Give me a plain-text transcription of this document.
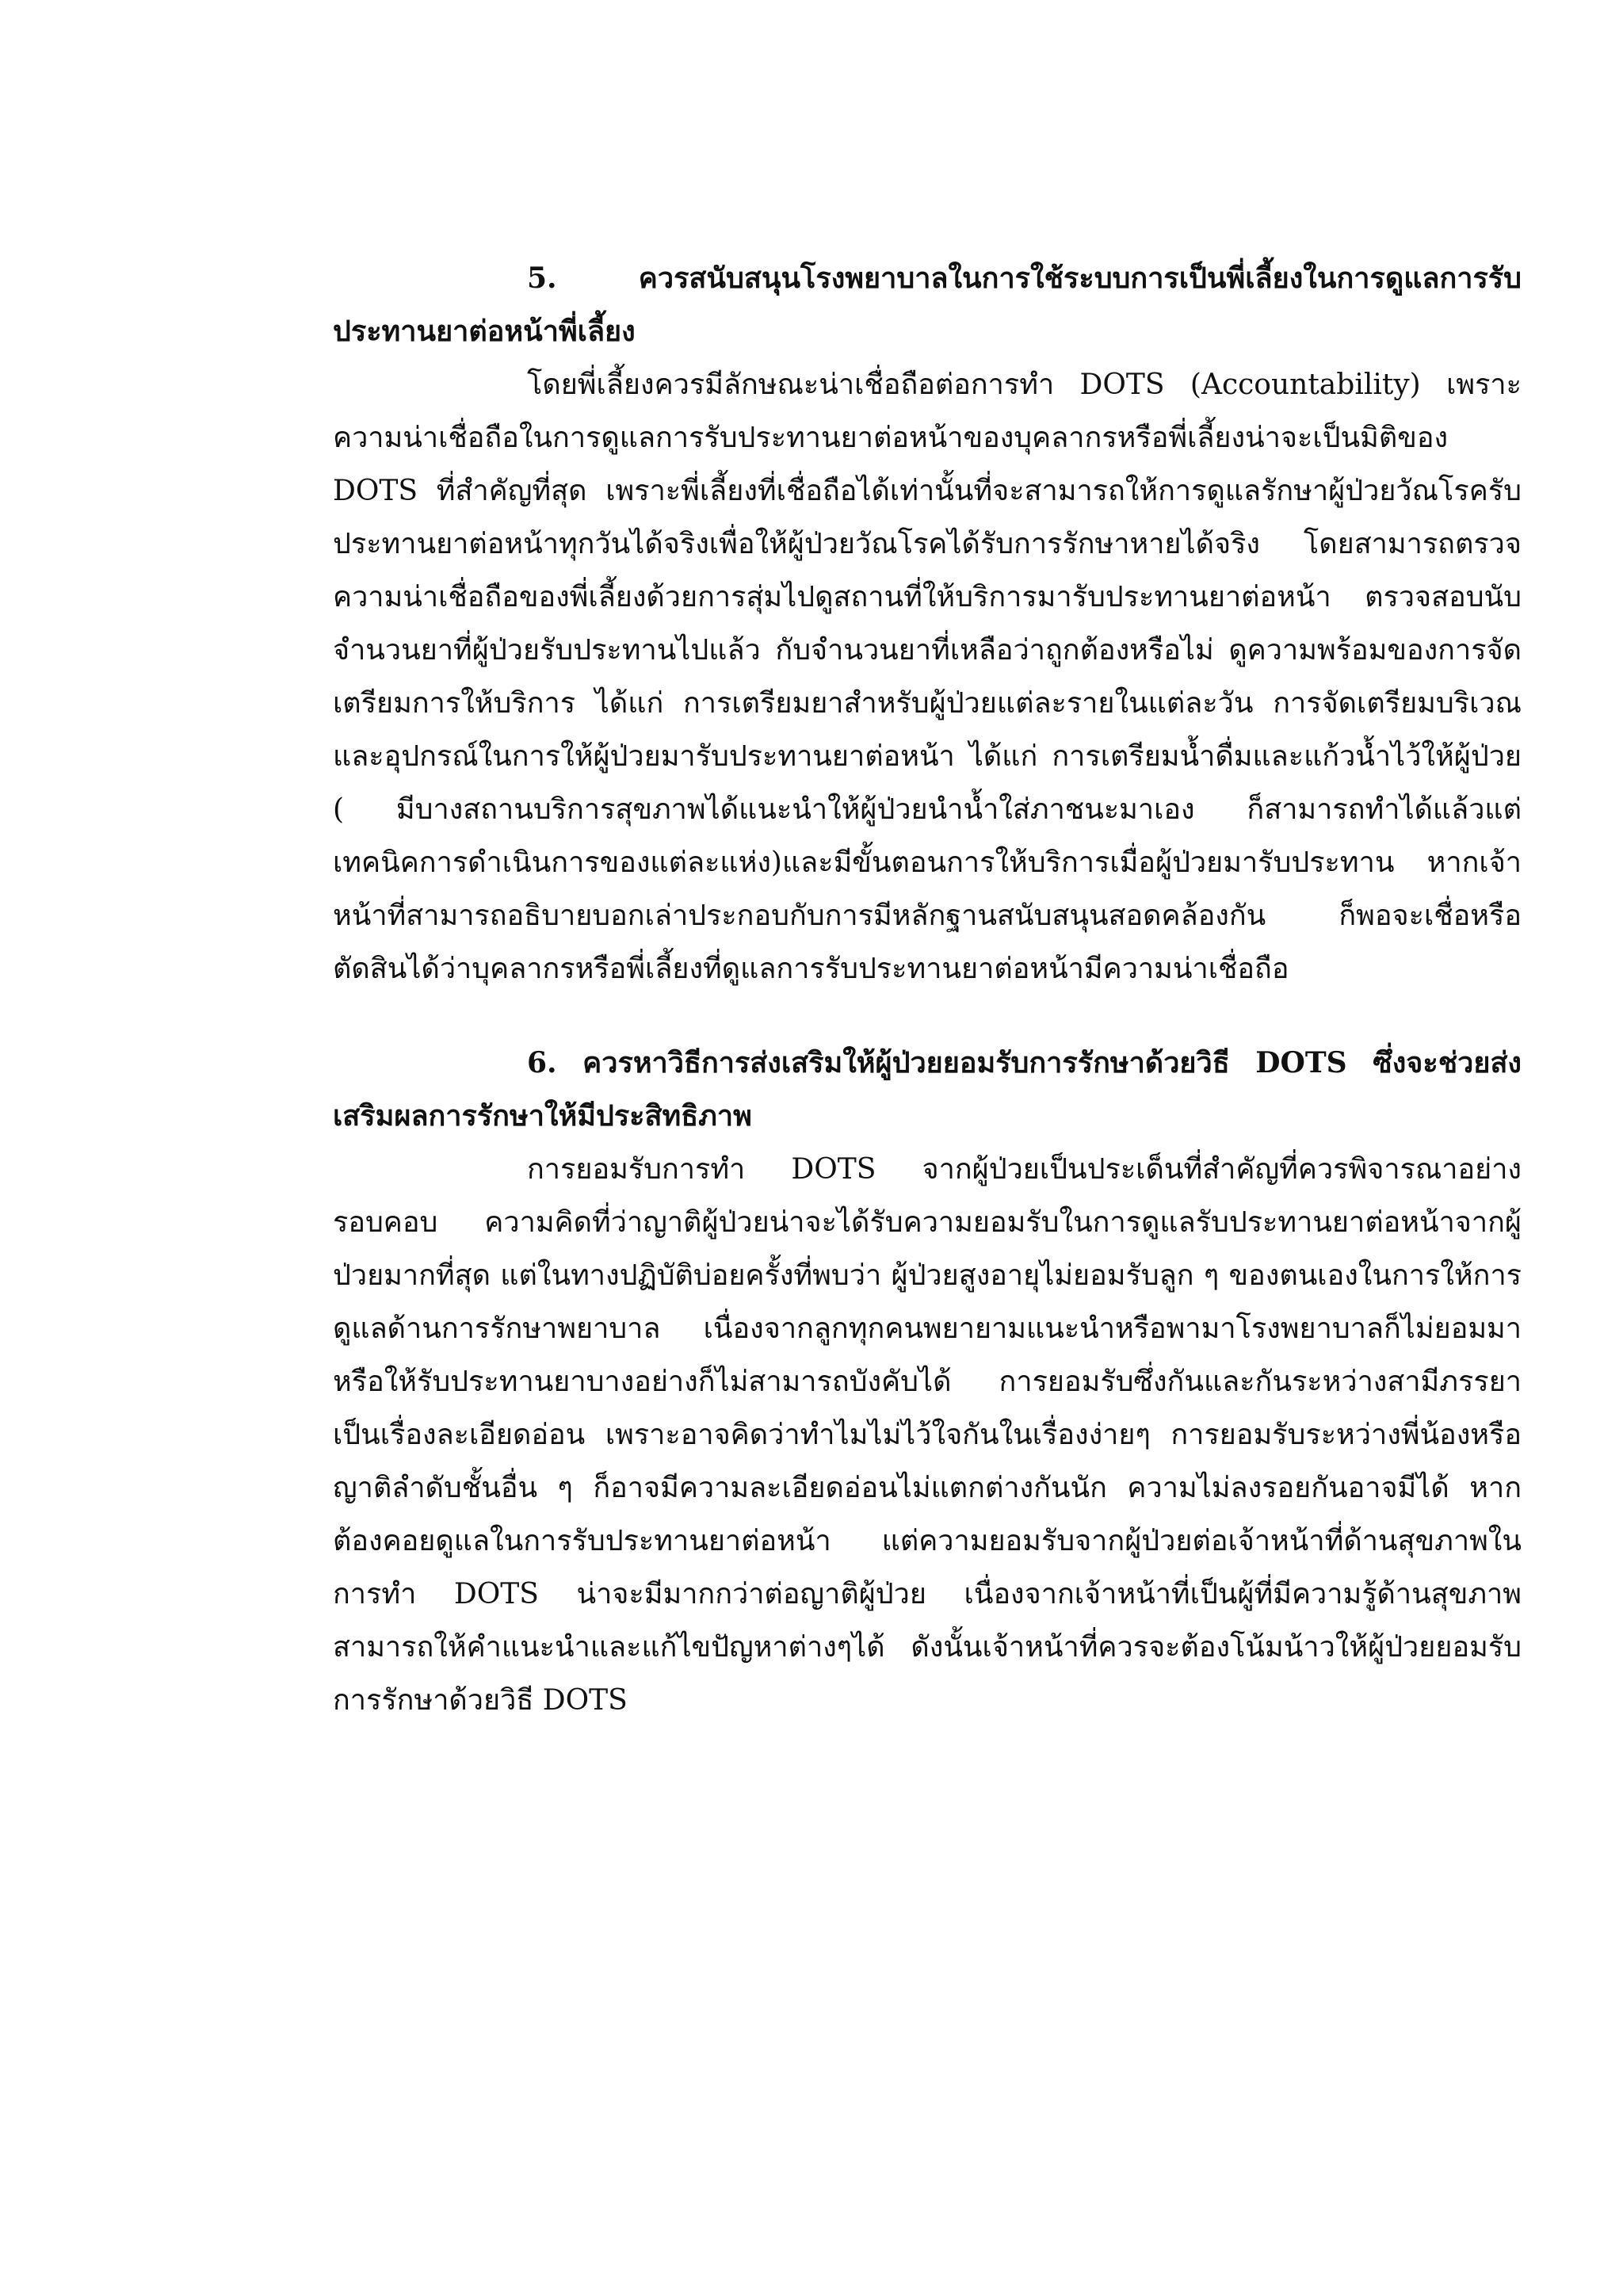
5. ควรสนับสนุนโรงพยาบาลในการใช้ระบบการเป็นพี่เลี้ยงในการดูแลการรับประทานยาต่อหน้าพี่เลี้ยง

โดยพี่เลี้ยงควรมีลักษณะน่าเชื่อถือต่อการทำ DOTS (Accountability) เพราะความน่าเชื่อถือในการดูแลการรับประทานยาต่อหน้าของบุคลากรหรือพี่เลี้ยงน่าจะเป็นมิติของ DOTS ที่สำคัญที่สุด เพราะพี่เลี้ยงที่เชื่อถือได้เท่านั้นที่จะสามารถให้การดูแลรักษาผู้ป่วยวัณโรครับประทานยาต่อหน้าทุกวันได้จริงเพื่อให้ผู้ป่วยวัณโรคได้รับการรักษาหายได้จริง โดยสามารถตรวจความน่าเชื่อถือของพี่เลี้ยงด้วยการสุ่มไปดูสถานที่ให้บริการมารับประทานยาต่อหน้า ตรวจสอบนับจำนวนยาที่ผู้ป่วยรับประทานไปแล้ว กับจำนวนยาที่เหลือว่าถูกต้องหรือไม่ ดูความพร้อมของการจัดเตรียมการให้บริการ ได้แก่ การเตรียมยาสำหรับผู้ป่วยแต่ละรายในแต่ละวัน การจัดเตรียมบริเวณและอุปกรณ์ในการให้ผู้ป่วยมารับประทานยาต่อหน้า ได้แก่ การเตรียมน้ำดื่มและแก้วน้ำไว้ให้ผู้ป่วย ( มีบางสถานบริการสุขภาพได้แนะนำให้ผู้ป่วยนำน้ำใส่ภาชนะมาเอง ก็สามารถทำได้แล้วแต่เทคนิคการดำเนินการของแต่ละแห่ง)และมีขั้นตอนการให้บริการเมื่อผู้ป่วยมารับประทาน หากเจ้าหน้าที่สามารถอธิบายบอกเล่าประกอบกับการมีหลักฐานสนับสนุนสอดคล้องกัน ก็พอจะเชื่อหรือตัดสินได้ว่าบุคลากรหรือพี่เลี้ยงที่ดูแลการรับประทานยาต่อหน้ามีความน่าเชื่อถือ

6. ควรหาวิธีการส่งเสริมให้ผู้ป่วยยอมรับการรักษาด้วยวิธี DOTS ซึ่งจะช่วยส่งเสริมผลการรักษาให้มีประสิทธิภาพ

การยอมรับการทำ DOTS จากผู้ป่วยเป็นประเด็นที่สำคัญที่ควรพิจารณาอย่างรอบคอบ ความคิดที่ว่าญาติผู้ป่วยน่าจะได้รับความยอมรับในการดูแลรับประทานยาต่อหน้าจากผู้ป่วยมากที่สุด แต่ในทางปฏิบัติบ่อยครั้งที่พบว่า ผู้ป่วยสูงอายุไม่ยอมรับลูก ๆ ของตนเองในการให้การดูแลด้านการรักษาพยาบาล เนื่องจากลูกทุกคนพยายามแนะนำหรือพามาโรงพยาบาลก็ไม่ยอมมา หรือให้รับประทานยาบางอย่างก็ไม่สามารถบังคับได้ การยอมรับซึ่งกันและกันระหว่างสามีภรรยาเป็นเรื่องละเอียดอ่อน เพราะอาจคิดว่าทำไมไม่ไว้ใจกันในเรื่องง่ายๆ การยอมรับระหว่างพี่น้องหรือญาติลำดับชั้นอื่น ๆ ก็อาจมีความละเอียดอ่อนไม่แตกต่างกันนัก ความไม่ลงรอยกันอาจมีได้ หากต้องคอยดูแลในการรับประทานยาต่อหน้า แต่ความยอมรับจากผู้ป่วยต่อเจ้าหน้าที่ด้านสุขภาพในการทำ DOTS น่าจะมีมากกว่าต่อญาติผู้ป่วย เนื่องจากเจ้าหน้าที่เป็นผู้ที่มีความรู้ด้านสุขภาพ สามารถให้คำแนะนำและแก้ไขปัญหาต่างๆได้ ดังนั้นเจ้าหน้าที่ควรจะต้องโน้มน้าวให้ผู้ป่วยยอมรับการรักษาด้วยวิธี DOTS
